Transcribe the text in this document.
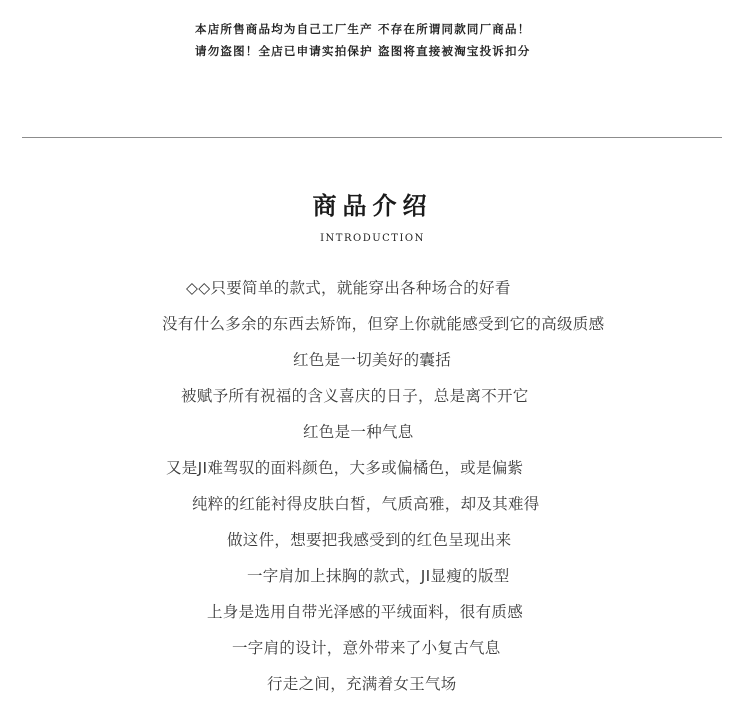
本店所售商品均为自己工厂生产 不存在所谓同款同厂商品！
请勿盗图！全店已申请实拍保护 盗图将直接被淘宝投诉扣分
商品介绍
INTRODUCTION
◇◇只要简单的款式，就能穿出各种场合的好看
没有什么多余的东西去矫饰，但穿上你就能感受到它的高级质感
红色是一切美好的囊括
被赋予所有祝福的含义喜庆的日子，总是离不开它
红色是一种气息
又是JI难驾驭的面料颜色，大多或偏橘色，或是偏紫
纯粹的红能衬得皮肤白皙，气质高雅，却及其难得
做这件，想要把我感受到的红色呈现出来
一字肩加上抹胸的款式，JI显瘦的版型
上身是选用自带光泽感的平绒面料，很有质感
一字肩的设计，意外带来了小复古气息
行走之间，充满着女王气场
